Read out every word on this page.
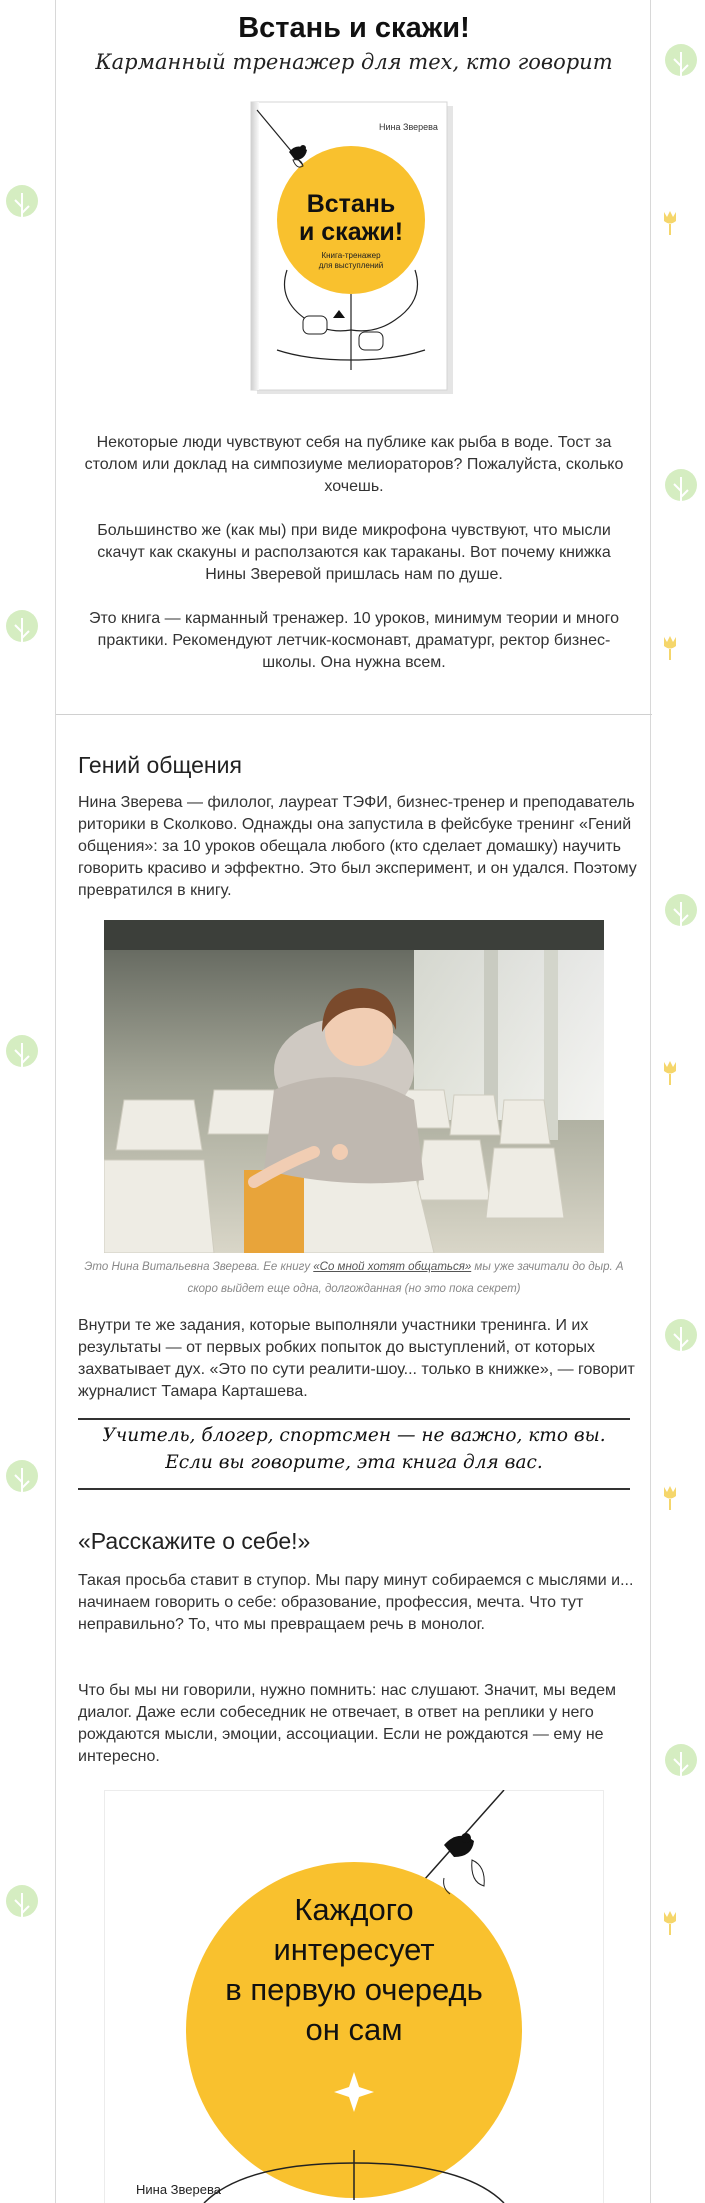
Встань и скажи!
Карманный тренажер для тех, кто говорит
Нина Зверева
Встань
и скажи!
Книга-тренажер
для выступлений
Некоторые люди чувствуют себя на публике как рыба в воде. Тост за столом или доклад на симпозиуме мелиораторов? Пожалуйста, сколько хочешь.
Большинство же (как мы) при виде микрофона чувствуют, что мысли скачут как скакуны и расползаются как тараканы. Вот почему книжка Нины Зверевой пришлась нам по душе.
Это книга — карманный тренажер. 10 уроков, минимум теории и много практики. Рекомендуют летчик-космонавт, драматург, ректор бизнес-школы. Она нужна всем.
Гений общения
Нина Зверева — филолог, лауреат ТЭФИ, бизнес-тренер и преподаватель риторики в Сколково. Однажды она запустила в фейсбуке тренинг «Гений общения»: за 10 уроков обещала любого (кто сделает домашку) научить говорить красиво и эффектно. Это был эксперимент, и он удался. Поэтому превратился в книгу.
Это Нина Витальевна Зверева. Ее книгу «Со мной хотят общаться» мы уже зачитали до дыр. А скоро выйдет еще одна, долгожданная (но это пока секрет)
Внутри те же задания, которые выполняли участники тренинга. И их результаты — от первых робких попыток до выступлений, от которых захватывает дух. «Это по сути реалити-шоу... только в книжке», — говорит журналист Тамара Карташева.
Учитель, блогер, спортсмен — не важно, кто вы. Если вы говорите, эта книга для вас.
«Расскажите о себе!»
Такая просьба ставит в ступор. Мы пару минут собираемся с мыслями и... начинаем говорить о себе: образование, профессия, мечта. Что тут неправильно? То, что мы превращаем речь в монолог.
Что бы мы ни говорили, нужно помнить: нас слушают. Значит, мы ведем диалог. Даже если собеседник не отвечает, в ответ на реплики у него рождаются мысли, эмоции, ассоциации. Если не рождаются — ему не интересно.
Каждого
интересует
в первую очередь
он сам
Нина Зверева
